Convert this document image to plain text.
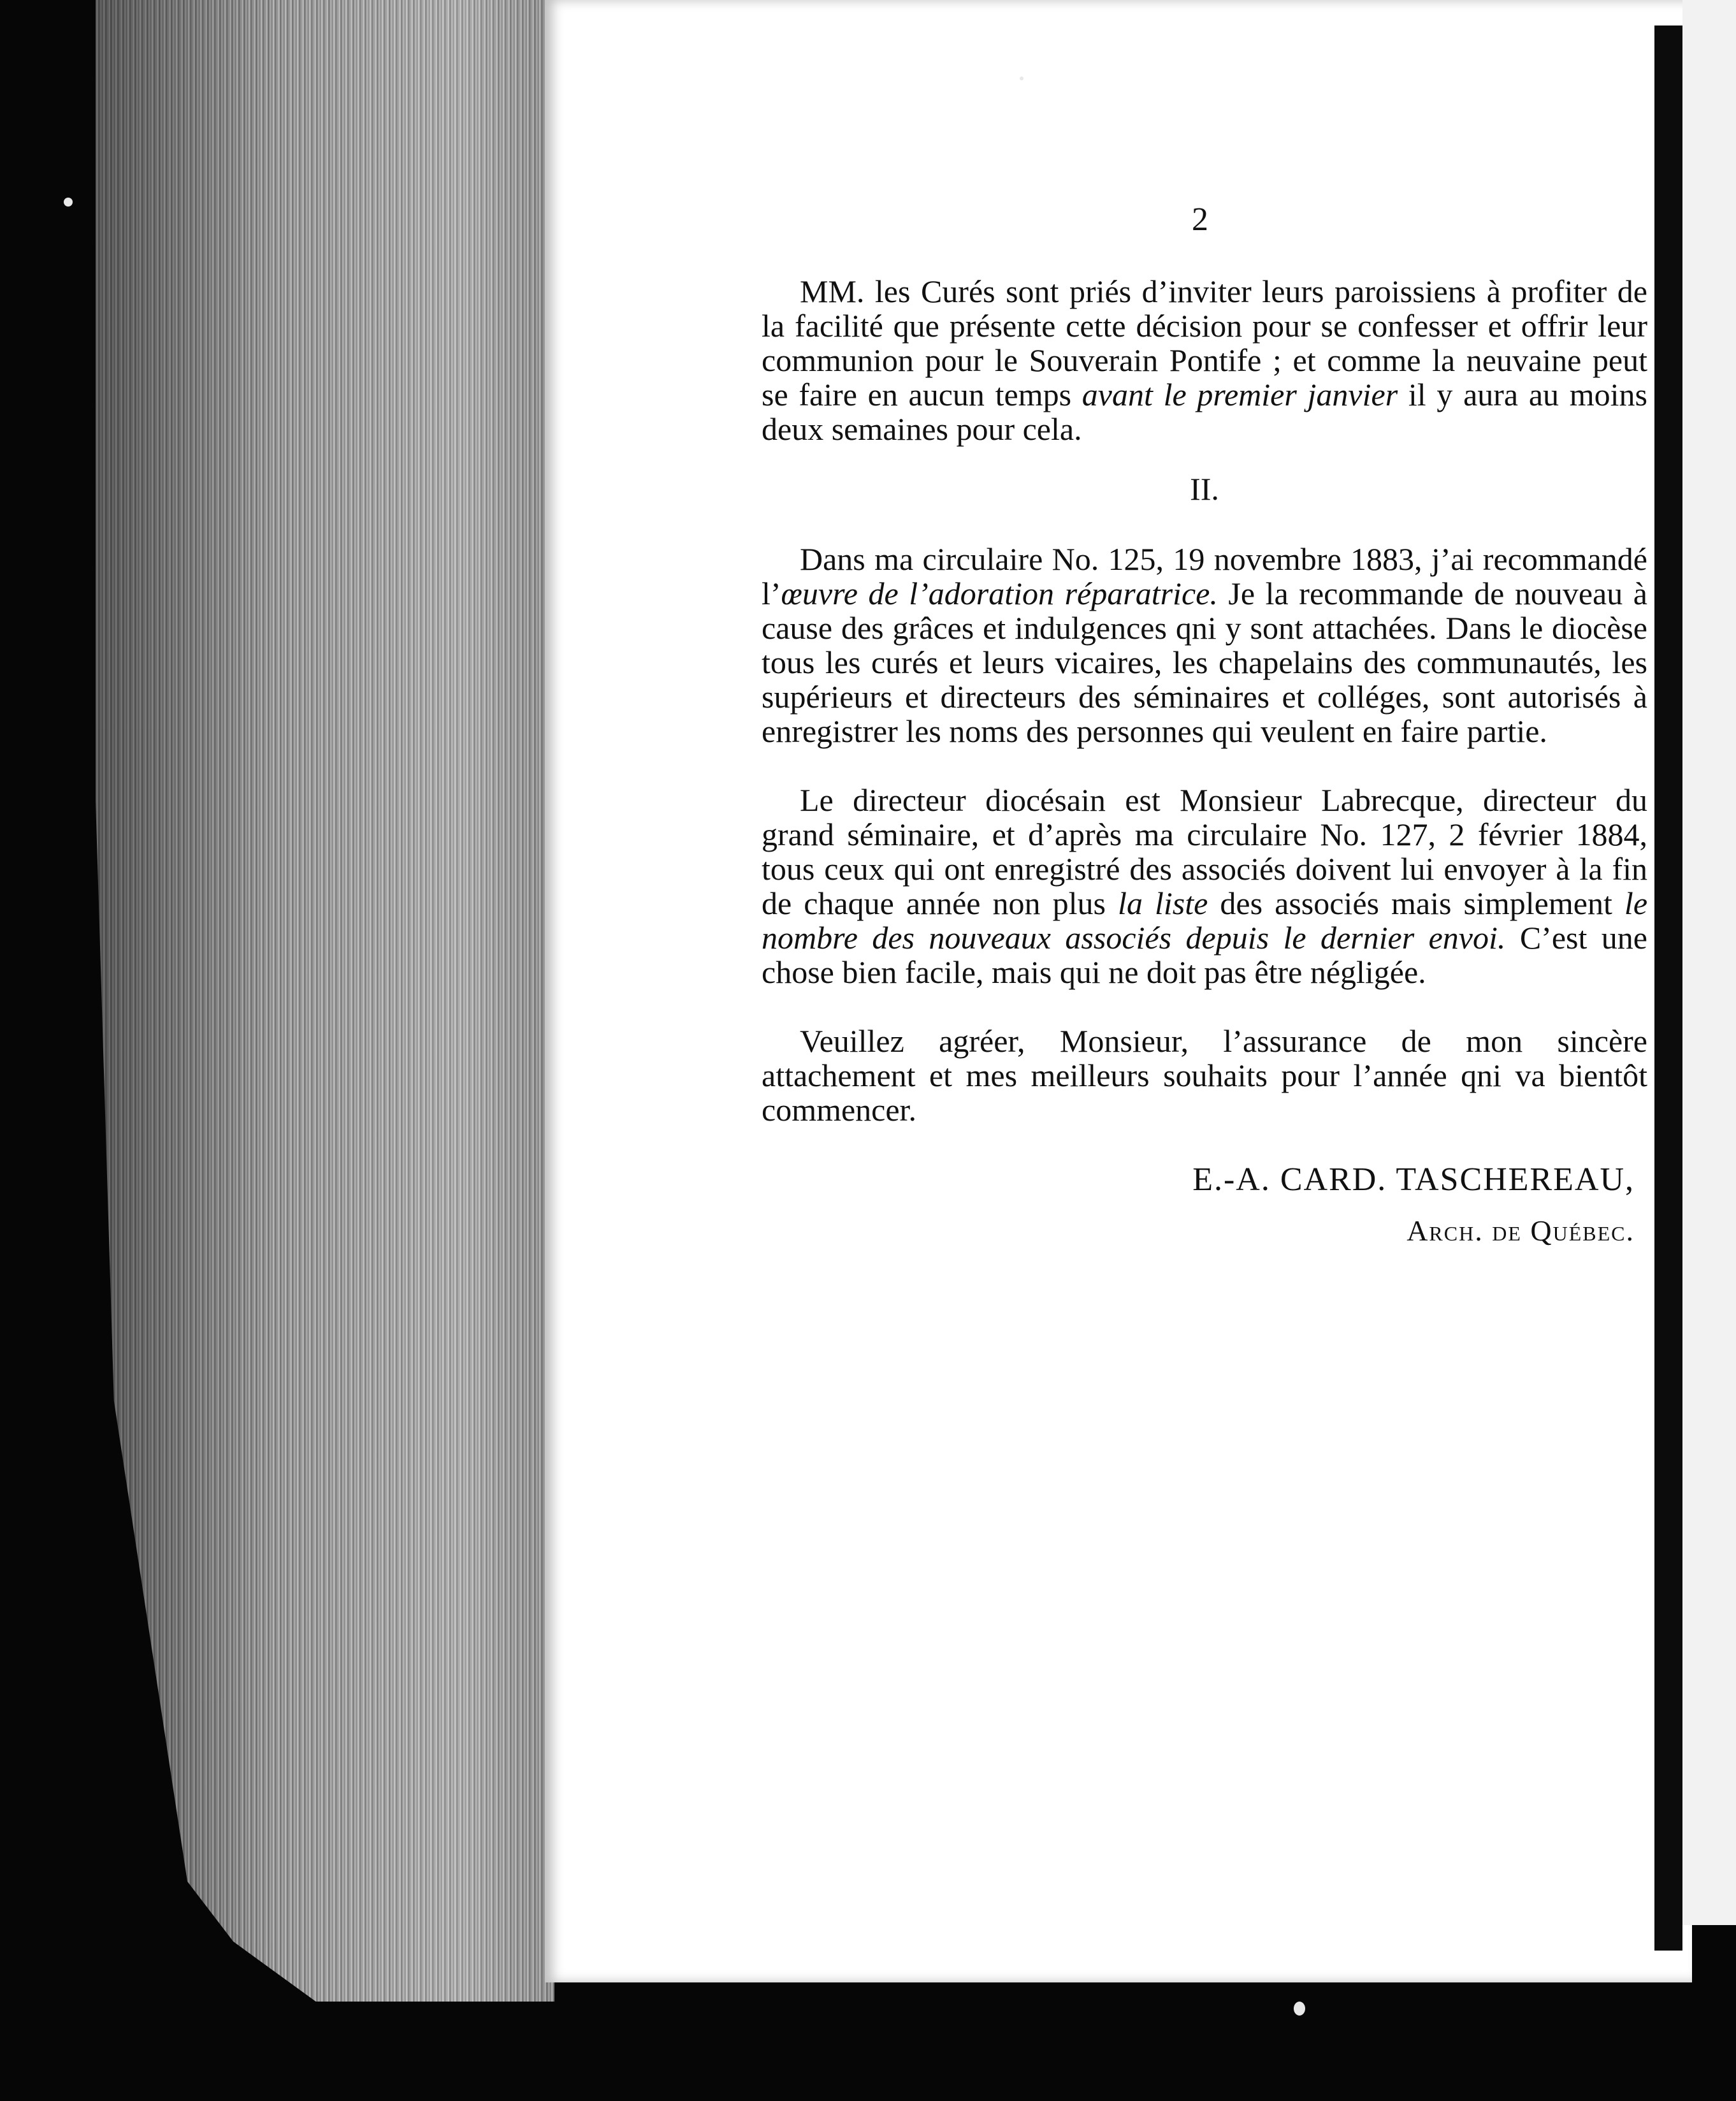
2

MM. les Curés sont priés d’inviter leurs paroissiens à profiter de la facilité que présente cette décision pour se confesser et offrir leur communion pour le Souverain Pontife ; et comme la neuvaine peut se faire en aucun temps avant le premier janvier il y aura au moins deux semaines pour cela.

II.

Dans ma circulaire No. 125, 19 novembre 1883, j’ai recommandé l’œuvre de l’adoration réparatrice. Je la recommande de nouveau à cause des grâces et indulgences qni y sont attachées. Dans le diocèse tous les curés et leurs vicaires, les chapelains des communautés, les supérieurs et directeurs des séminaires et colléges, sont autorisés à enregistrer les noms des personnes qui veulent en faire partie.

Le directeur diocésain est Monsieur Labrecque, directeur du grand séminaire, et d’après ma circulaire No. 127, 2 février 1884, tous ceux qui ont enregistré des associés doivent lui envoyer à la fin de chaque année non plus la liste des associés mais simplement le nombre des nouveaux associés depuis le dernier envoi. C’est une chose bien facile, mais qui ne doit pas être négligée.

Veuillez agréer, Monsieur, l’assurance de mon sincère attachement et mes meilleurs souhaits pour l’année qni va bientôt commencer.

E.-A. CARD. TASCHEREAU,
Arch. de Québec.
